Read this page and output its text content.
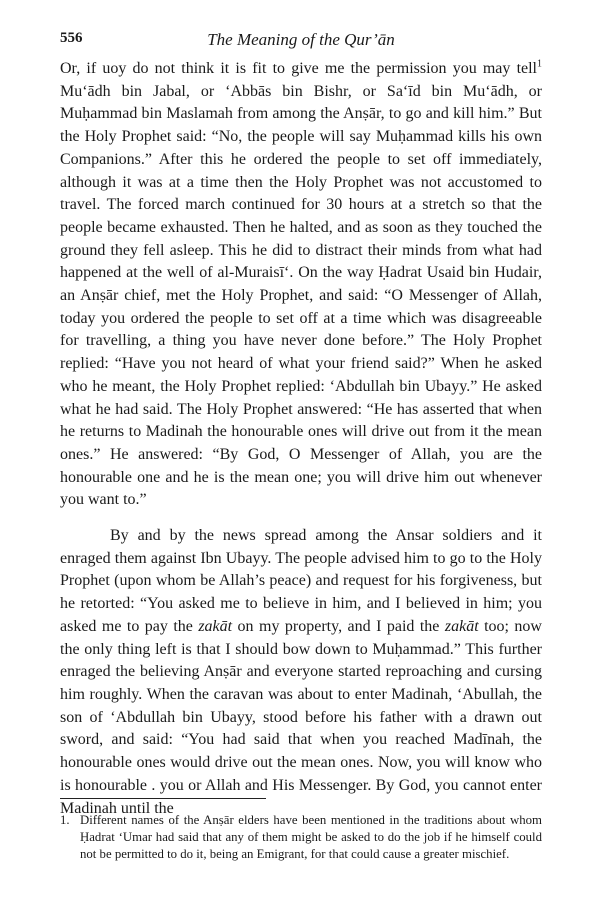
556	The Meaning of the Qur’ān

Or, if uoy do not think it is fit to give me the permission you may tell$^1$ Mu‘ādh bin Jabal, or ‘Abbās bin Bishr, or Sa‘īd bin Mu‘ādh, or Muḥammad bin Maslamah from among the Anṣār, to go and kill him.” But the Holy Prophet said: “No, the people will say Muḥammad kills his own Companions.” After this he ordered the people to set off immediately, although it was at a time then the Holy Prophet was not accustomed to travel. The forced march continued for 30 hours at a stretch so that the people became exhausted. Then he halted, and as soon as they touched the ground they fell asleep. This he did to distract their minds from what had happened at the well of al-Muraisī‘. On the way Ḥadrat Usaid bin Hudair, an Anṣār chief, met the Holy Prophet, and said: “O Messenger of Allah, today you ordered the people to set off at a time which was disagreeable for travelling, a thing you have never done before.” The Holy Prophet replied: “Have you not heard of what your friend said?” When he asked who he meant, the Holy Prophet replied: ‘Abdullah bin Ubayy.” He asked what he had said. The Holy Prophet answered: “He has asserted that when he returns to Madinah the honourable ones will drive out from it the mean ones.” He answered: “By God, O Messenger of Allah, you are the honourable one and he is the mean one; you will drive him out whenever you want to.”

By and by the news spread among the Ansar soldiers and it enraged them against Ibn Ubayy. The people advised him to go to the Holy Prophet (upon whom be Allah’s peace) and request for his forgiveness, but he retorted: “You asked me to believe in him, and I believed in him; you asked me to pay the zakāt on my property, and I paid the zakāt too; now the only thing left is that I should bow down to Muḥammad.” This further enraged the believing Anṣār and everyone started reproaching and cursing him roughly. When the caravan was about to enter Madinah, ‘Abullah, the son of ‘Abdullah bin Ubayy, stood before his father with a drawn out sword, and said: “You had said that when you reached Madīnah, the honourable ones would drive out the mean ones. Now, you will know who is honourable . you or Allah and His Messenger. By God, you cannot enter Madinah until the

1. Different names of the Anṣār elders have been mentioned in the traditions about whom Ḥadrat ‘Umar had said that any of them might be asked to do the job if he himself could not be permitted to do it, being an Emigrant, for that could cause a greater mischief.
